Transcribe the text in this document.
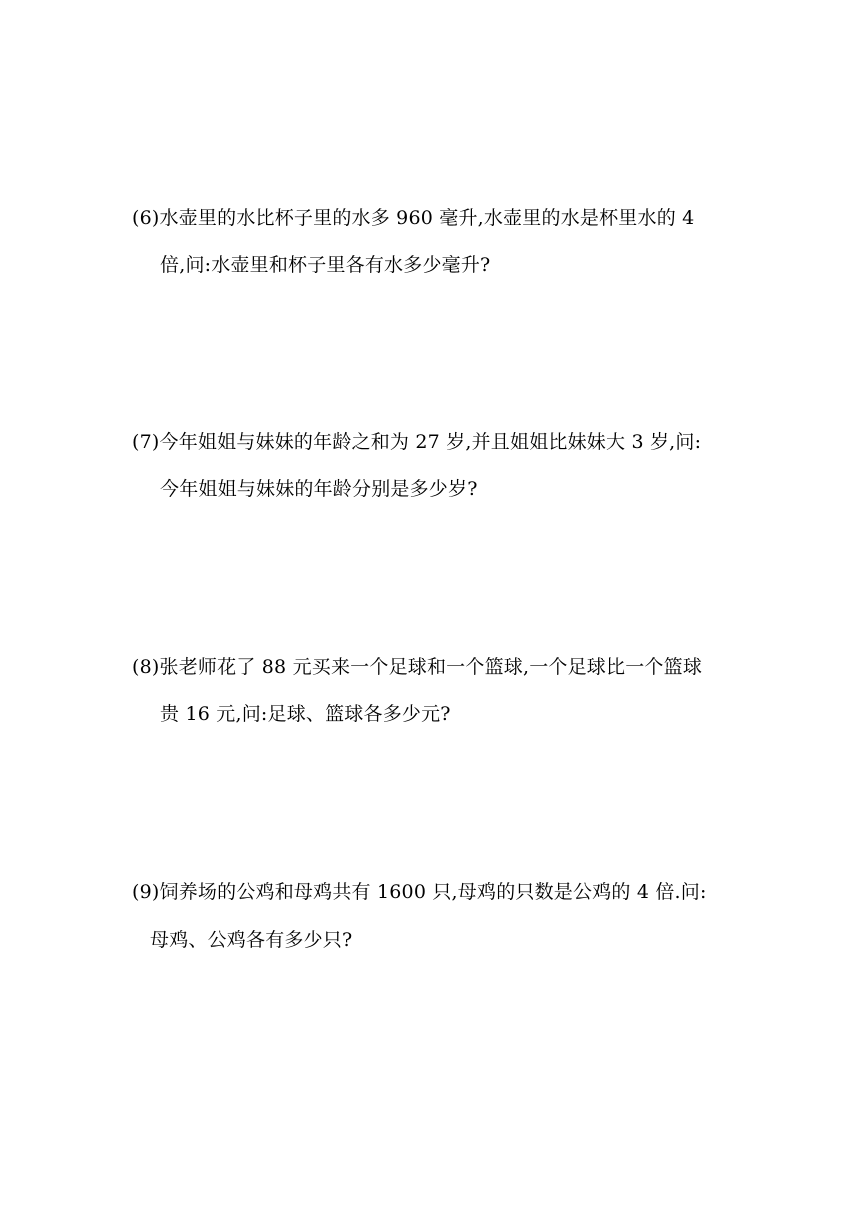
(6)水壶里的水比杯子里的水多 960 毫升,水壶里的水是杯里水的 4
倍,问:水壶里和杯子里各有水多少毫升?
(7)今年姐姐与妹妹的年龄之和为 27 岁,并且姐姐比妹妹大 3 岁,问:
今年姐姐与妹妹的年龄分别是多少岁?
(8)张老师花了 88 元买来一个足球和一个篮球,一个足球比一个篮球
贵 16 元,问:足球、篮球各多少元?
(9)饲养场的公鸡和母鸡共有 1600 只,母鸡的只数是公鸡的 4 倍.问:
母鸡、公鸡各有多少只?
